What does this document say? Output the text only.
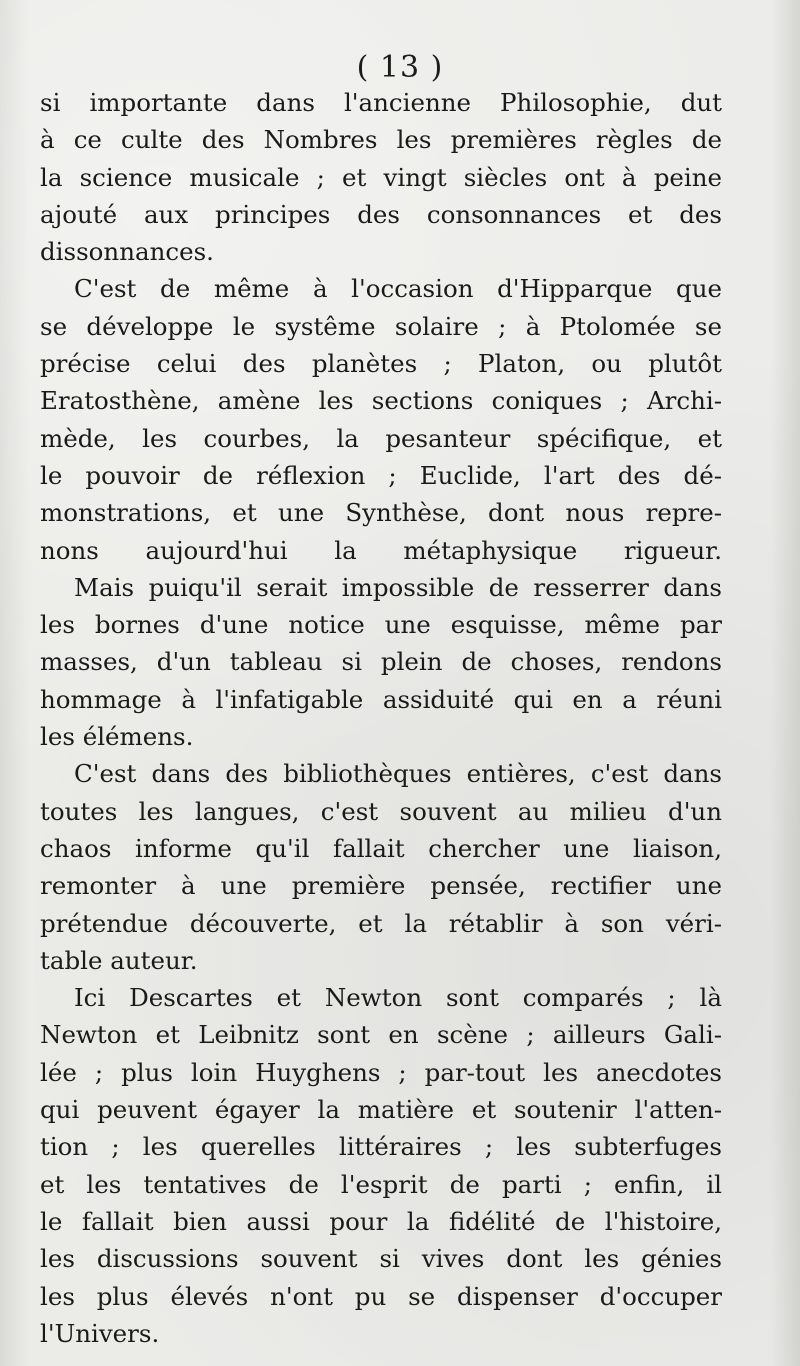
( 13 )
si importante dans l'ancienne Philosophie, dut
à ce culte des Nombres les premières règles de
la science musicale ; et vingt siècles ont à peine
ajouté aux principes des consonnances et des
dissonnances.
C'est de même à l'occasion d'Hipparque que
se développe le systême solaire ; à Ptolomée se
précise celui des planètes ; Platon, ou plutôt
Eratosthène, amène les sections coniques ; Archi-
mède, les courbes, la pesanteur spécifique, et
le pouvoir de réflexion ; Euclide, l'art des dé-
monstrations, et une Synthèse, dont nous repre-
nons aujourd'hui la métaphysique rigueur.
Mais puiqu'il serait impossible de resserrer dans
les bornes d'une notice une esquisse, même par
masses, d'un tableau si plein de choses, rendons
hommage à l'infatigable assiduité qui en a réuni
les élémens.
C'est dans des bibliothèques entières, c'est dans
toutes les langues, c'est souvent au milieu d'un
chaos informe qu'il fallait chercher une liaison,
remonter à une première pensée, rectifier une
prétendue découverte, et la rétablir à son véri-
table auteur.
Ici Descartes et Newton sont comparés ; là
Newton et Leibnitz sont en scène ; ailleurs Gali-
lée ; plus loin Huyghens ; par-tout les anecdotes
qui peuvent égayer la matière et soutenir l'atten-
tion ; les querelles littéraires ; les subterfuges
et les tentatives de l'esprit de parti ; enfin, il
le fallait bien aussi pour la fidélité de l'histoire,
les discussions souvent si vives dont les génies
les plus élevés n'ont pu se dispenser d'occuper
l'Univers.
